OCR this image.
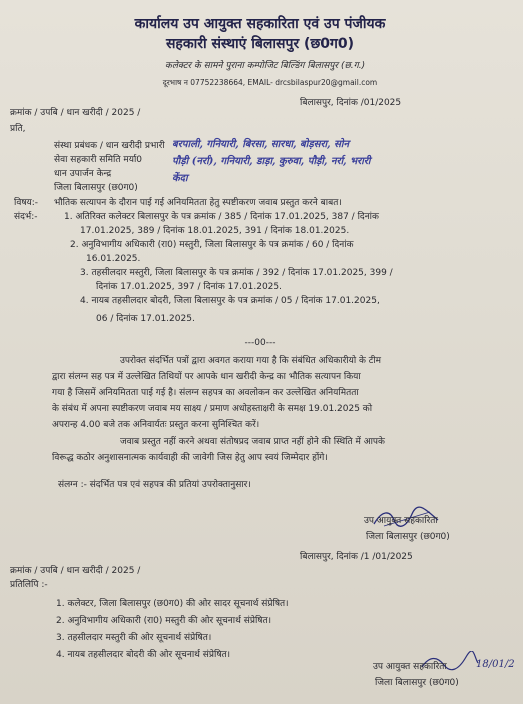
कार्यालय उप आयुक्त सहकारिता एवं उप पंजीयक
सहकारी संस्थाएं बिलासपुर (छ0ग0)
कलेक्टर के सामने पुराना कम्पोजिट बिल्डिंग बिलासपुर (छ.ग.)
दूरभाष न 07752238664, EMAIL- drcsbilaspur20@gmail.com
क्रमांक / उपबि / धान खरीदी / 2025 /
बिलासपुर, दिनांक /01/2025
प्रति,
संस्था प्रबंधक / धान खरीदी प्रभारी
सेवा सहकारी समिति मर्या0
धान उपार्जन केन्द्र
जिला बिलासपुर (छ0ग0)
बरपाली, गनियारी, बिरसा, सारधा, बोड़सरा, सोन
पौड़ी (नर्रा), गनियारी, डाड़ा, कुरुवा, पौड़ी, नर्रा, भरारी
केंदा
विषय:- भौतिक सत्यापन के दौरान पाई गई अनियमितता हेतु स्पष्टीकरण जवाब प्रस्तुत करने बाबत।
संदर्भ:-	1. अतिरिक्त कलेक्टर बिलासपुर के पत्र क्रमांक / 385 / दिनांक 17.01.2025, 387 / दिनांक
17.01.2025, 389 / दिनांक 18.01.2025, 391 / दिनांक 18.01.2025.
2. अनुविभागीय अधिकारी (रा0) मस्तुरी, जिला बिलासपुर के पत्र क्रमांक / 60 / दिनांक
16.01.2025.
3. तहसीलदार मस्तुरी, जिला बिलासपुर के पत्र क्रमांक / 392 / दिनांक 17.01.2025, 399 /
दिनांक 17.01.2025, 397 / दिनांक 17.01.2025.
4. नायब तहसीलदार बोदरी, जिला बिलासपुर के पत्र क्रमांक / 05 / दिनांक 17.01.2025,
06 / दिनांक 17.01.2025.
---00---
उपरोक्त संदर्भित पत्रों द्वारा अवगत कराया गया है कि संबंधित अधिकारीयो के टीम
द्वारा संलग्न सह पत्र में उल्लेखित तिथियों पर आपके धान खरीदी केन्द्र का भौतिक सत्यापन किया
गया है जिसमें अनियमितता पाई गई है। संलग्न सहपत्र का अवलोकन कर उल्लेखित अनियमितता
के संबंध में अपना स्पष्टीकरण जवाब मय साक्ष्य / प्रमाण अधोहस्ताक्षरी के समक्ष 19.01.2025 को
अपरान्ह 4.00 बजे तक अनिवार्यतः प्रस्तुत करना सुनिश्चित करें।
जवाब प्रस्तुत नहीं करने अथवा संतोषप्रद जवाब प्राप्त नहीं होने की स्थिति में आपके
विरूद्ध कठोर अनुशासनात्मक कार्यवाही की जावेगी जिस हेतु आप स्वयं जिम्मेदार होंगे।
संलग्न :- संदर्भित पत्र एवं सहपत्र की प्रतियां उपरोक्तानुसार।
उप आयुक्त सहकारिता
जिला बिलासपुर (छ0ग0)
बिलासपुर, दिनांक /1 /01/2025
क्रमांक / उपबि / धान खरीदी / 2025 /
प्रतिलिपि :-
1. कलेक्टर, जिला बिलासपुर (छ0ग0) की ओर सादर सूचनार्थ संप्रेषित।
2. अनुविभागीय अधिकारी (रा0) मस्तुरी की ओर सूचनार्थ संप्रेषित।
3. तहसीलदार मस्तुरी की ओर सूचनार्थ संप्रेषित।
4. नायब तहसीलदार बोदरी की ओर सूचनार्थ संप्रेषित।
उप आयुक्त सहकारिता	18/01/2
जिला बिलासपुर (छ0ग0)
